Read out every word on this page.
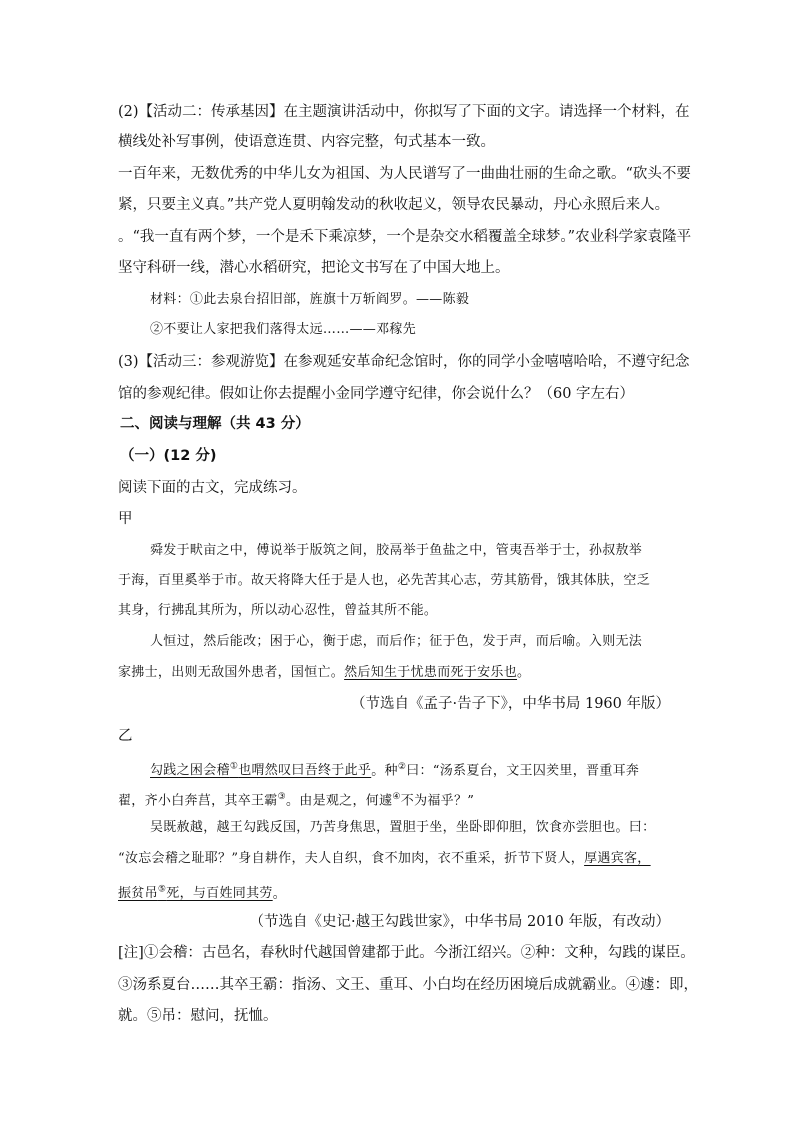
(2)【活动二：传承基因】在主题演讲活动中，你拟写了下面的文字。请选择一个材料，在
横线处补写事例，使语意连贯、内容完整，句式基本一致。
一百年来，无数优秀的中华儿女为祖国、为人民谱写了一曲曲壮丽的生命之歌。“砍头不要
紧，只要主义真。”共产党人夏明翰发动的秋收起义，领导农民暴动，丹心永照后来人。
。“我一直有两个梦，一个是禾下乘凉梦，一个是杂交水稻覆盖全球梦。”农业科学家袁隆平
坚守科研一线，潜心水稻研究，把论文书写在了中国大地上。
材料：①此去泉台招旧部，旌旗十万斩阎罗。——陈毅
②不要让人家把我们落得太远……——邓稼先
(3)【活动三：参观游览】在参观延安革命纪念馆时，你的同学小金嘻嘻哈哈，不遵守纪念
馆的参观纪律。假如让你去提醒小金同学遵守纪律，你会说什么？（60 字左右）
二、阅读与理解（共 43 分）
（一）(12 分)
阅读下面的古文，完成练习。
甲
舜发于畎亩之中，傅说举于版筑之间，胶鬲举于鱼盐之中，管夷吾举于士，孙叔敖举
于海，百里奚举于市。故天将降大任于是人也，必先苦其心志，劳其筋骨，饿其体肤，空乏
其身，行拂乱其所为，所以动心忍性，曾益其所不能。
人恒过，然后能改；困于心，衡于虑，而后作；征于色，发于声，而后喻。入则无法
家拂士，出则无敌国外患者，国恒亡。然后知生于忧患而死于安乐也。
（节选自《孟子·告子下》，中华书局 1960 年版）
乙
勾践之困会稽①也喟然叹曰吾终于此乎。种②曰：“汤系夏台，文王囚羑里，晋重耳奔
翟，齐小白奔莒，其卒王霸③。由是观之，何遽④不为福乎？”
吴既赦越，越王勾践反国，乃苦身焦思，置胆于坐，坐卧即仰胆，饮食亦尝胆也。曰：
“汝忘会稽之耻耶？”身自耕作，夫人自织，食不加肉，衣不重采，折节下贤人，厚遇宾客，
振贫吊⑤死，与百姓同其劳。
（节选自《史记·越王勾践世家》，中华书局 2010 年版，有改动）
[注]①会稽：古邑名，春秋时代越国曾建都于此。今浙江绍兴。②种：文种，勾践的谋臣。
③汤系夏台……其卒王霸：指汤、文王、重耳、小白均在经历困境后成就霸业。④遽：即，
就。⑤吊：慰问，抚恤。
